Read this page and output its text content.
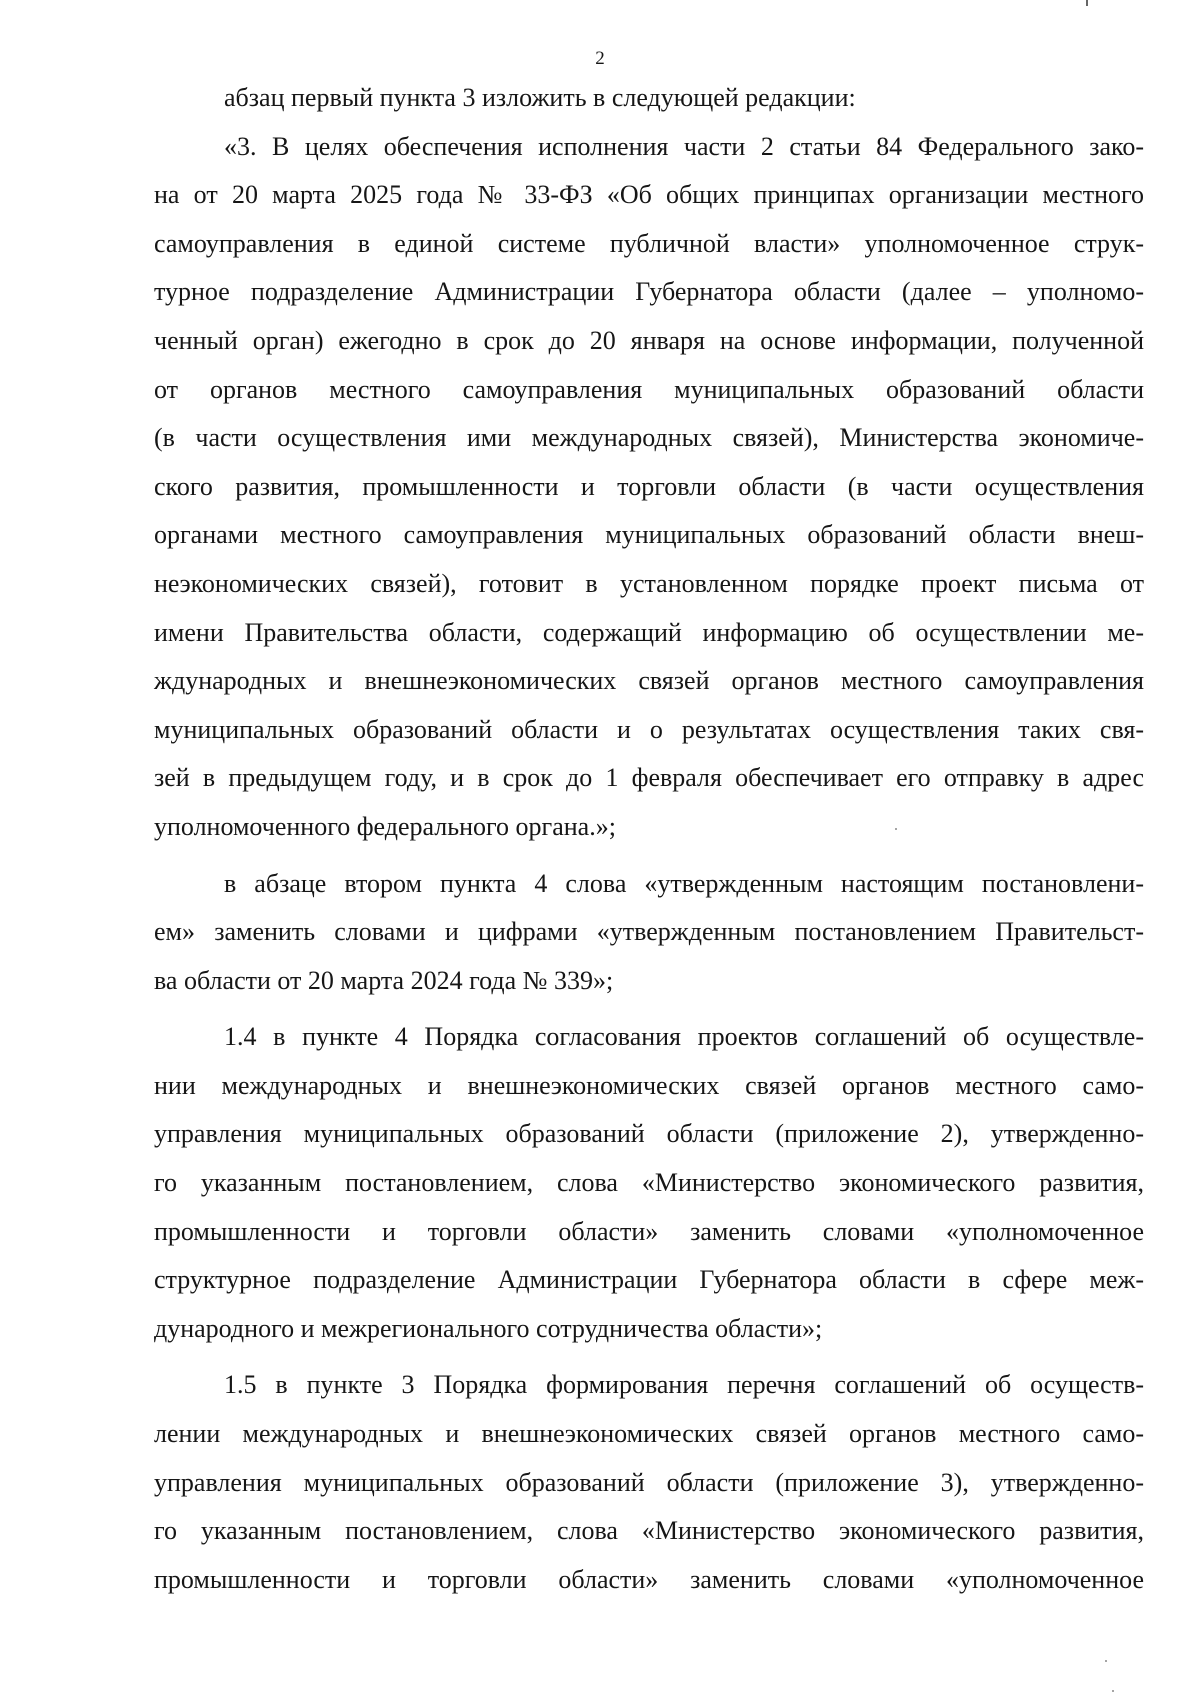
2
абзац первый пункта 3 изложить в следующей редакции:
«3. В целях обеспечения исполнения части 2 статьи 84 Федерального зако-
на от 20 марта 2025 года № 33-ФЗ «Об общих принципах организации местного
самоуправления в единой системе публичной власти» уполномоченное струк-
турное подразделение Администрации Губернатора области (далее – уполномо-
ченный орган) ежегодно в срок до 20 января на основе информации, полученной
от органов местного самоуправления муниципальных образований области
(в части осуществления ими международных связей), Министерства экономиче-
ского развития, промышленности и торговли области (в части осуществления
органами местного самоуправления муниципальных образований области внеш-
неэкономических связей), готовит в установленном порядке проект письма от
имени Правительства области, содержащий информацию об осуществлении ме-
ждународных и внешнеэкономических связей органов местного самоуправления
муниципальных образований области и о результатах осуществления таких свя-
зей в предыдущем году, и в срок до 1 февраля обеспечивает его отправку в адрес
уполномоченного федерального органа.»;
в абзаце втором пункта 4 слова «утвержденным настоящим постановлени-
ем» заменить словами и цифрами «утвержденным постановлением Правительст-
ва области от 20 марта 2024 года № 339»;
1.4 в пункте 4 Порядка согласования проектов соглашений об осуществле-
нии международных и внешнеэкономических связей органов местного само-
управления муниципальных образований области (приложение 2), утвержденно-
го указанным постановлением, слова «Министерство экономического развития,
промышленности и торговли области» заменить словами «уполномоченное
структурное подразделение Администрации Губернатора области в сфере меж-
дународного и межрегионального сотрудничества области»;
1.5 в пункте 3 Порядка формирования перечня соглашений об осуществ-
лении международных и внешнеэкономических связей органов местного само-
управления муниципальных образований области (приложение 3), утвержденно-
го указанным постановлением, слова «Министерство экономического развития,
промышленности и торговли области» заменить словами «уполномоченное
